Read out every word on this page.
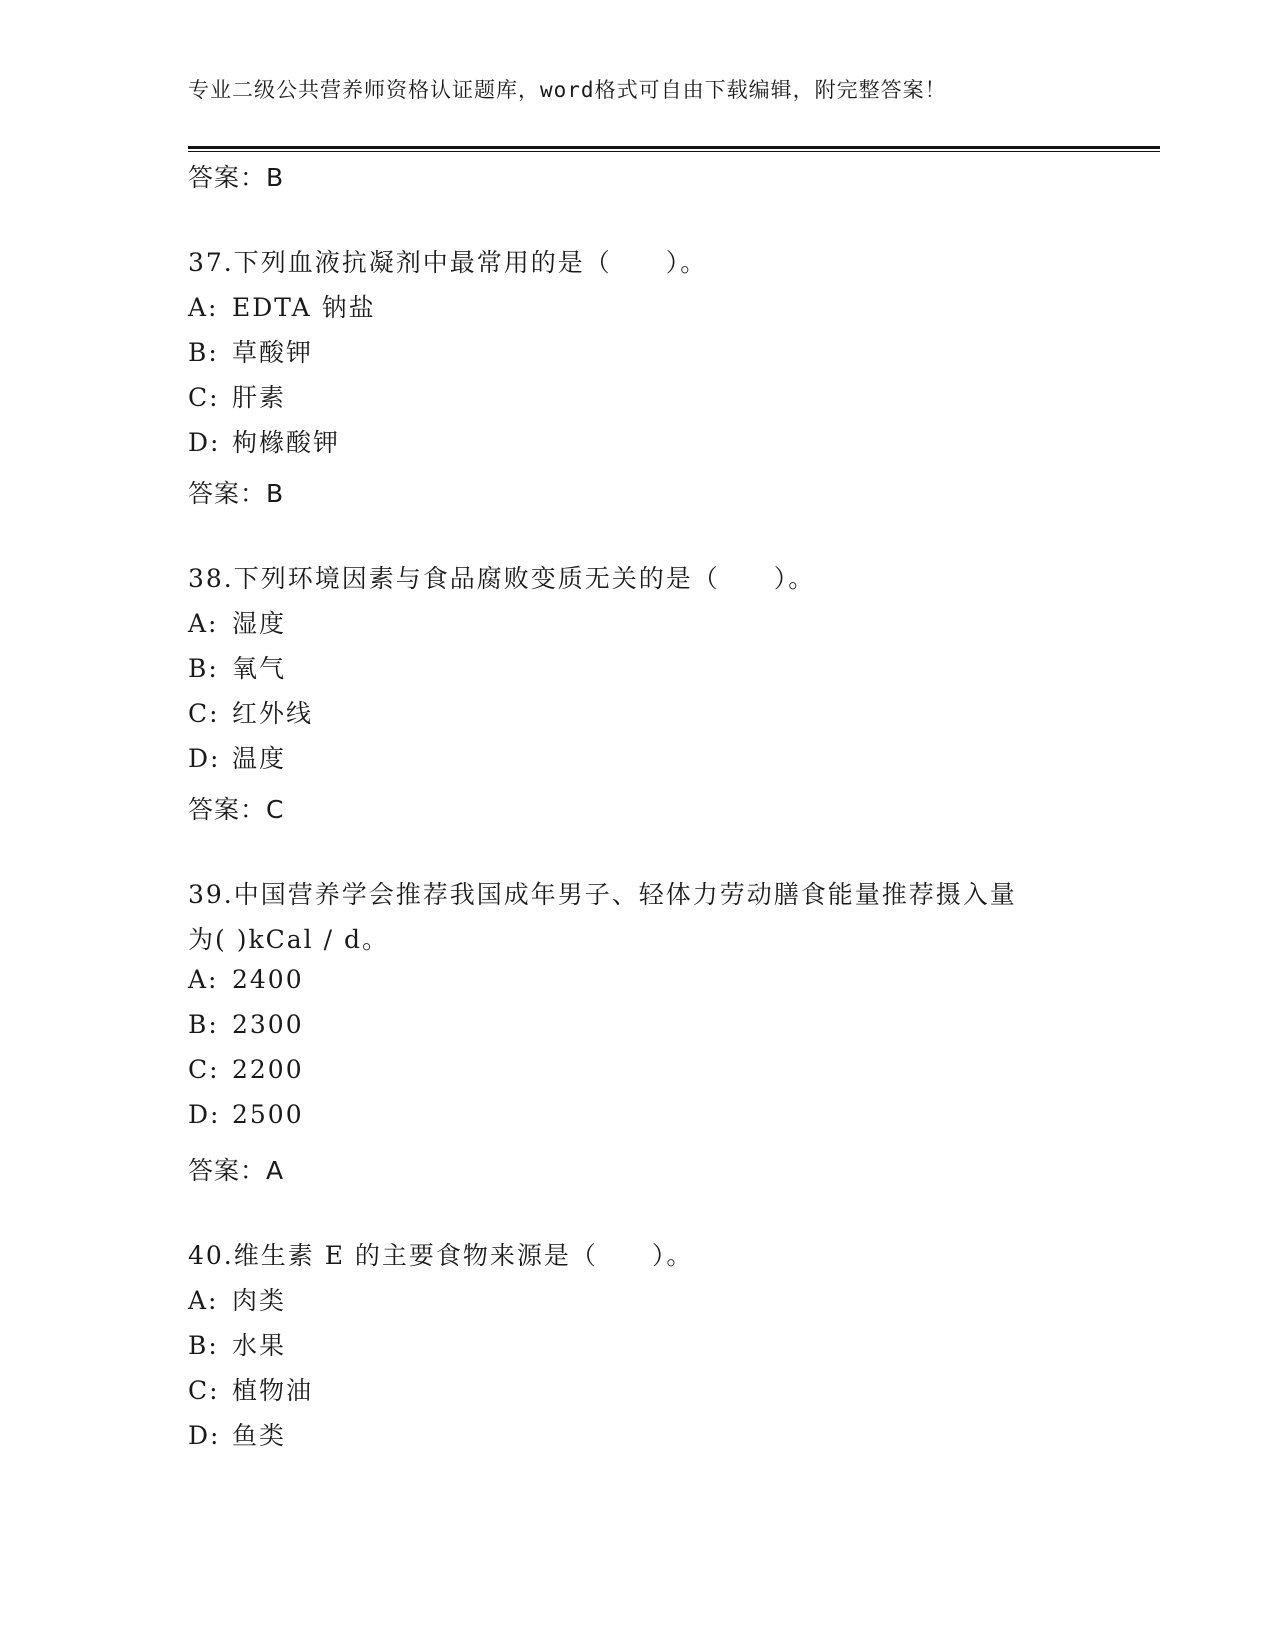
专业二级公共营养师资格认证题库，word格式可自由下载编辑，附完整答案！
答案：B
37.下列血液抗凝剂中最常用的是（　　）。
A: EDTA 钠盐
B: 草酸钾
C: 肝素
D: 枸橼酸钾
答案：B
38.下列环境因素与食品腐败变质无关的是（　　）。
A: 湿度
B: 氧气
C: 红外线
D: 温度
答案：C
39.中国营养学会推荐我国成年男子、轻体力劳动膳食能量推荐摄入量
为( )kCal / d。
A: 2400
B: 2300
C: 2200
D: 2500
答案：A
40.维生素 E 的主要食物来源是（　　）。
A: 肉类
B: 水果
C: 植物油
D: 鱼类
